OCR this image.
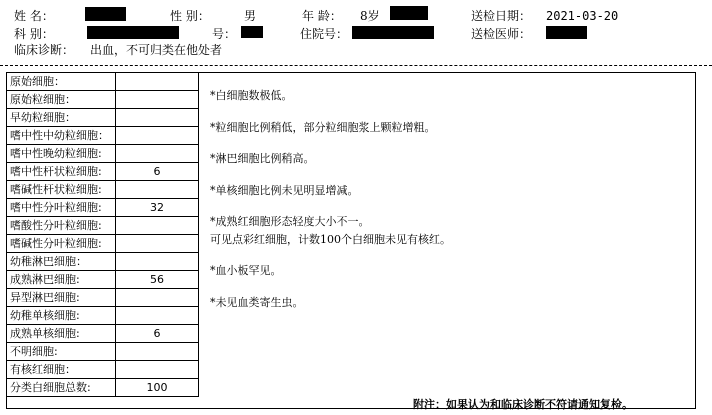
姓 名：	性 别：	男	年 龄： 8岁	送检日期： 2021-03-20
科 别：	号：	住院号：	送检医师：
临床诊断： 出血，不可归类在他处者
原始细胞：	
原始粒细胞：	
早幼粒细胞：	
嗜中性中幼粒细胞：	
嗜中性晚幼粒细胞:	
嗜中性杆状粒细胞:	6
嗜碱性杆状粒细胞:	
嗜中性分叶粒细胞:	32
嗜酸性分叶粒细胞:	
嗜碱性分叶粒细胞:	
幼稚淋巴细胞：	
成熟淋巴细胞:	56
异型淋巴细胞:	
幼稚单核细胞:	
成熟单核细胞:	6
不明细胞:	
有核红细胞：	
分类白细胞总数:	100
*白细胞数极低。
*粒细胞比例稍低，部分粒细胞浆上颗粒增粗。
*淋巴细胞比例稍高。
*单核细胞比例未见明显增减。
*成熟红细胞形态轻度大小不一。
可见点彩红细胞，计数100个白细胞未见有核红。
*血小板罕见。
*未见血类寄生虫。
附注：如果认为和临床诊断不符请通知复检。
